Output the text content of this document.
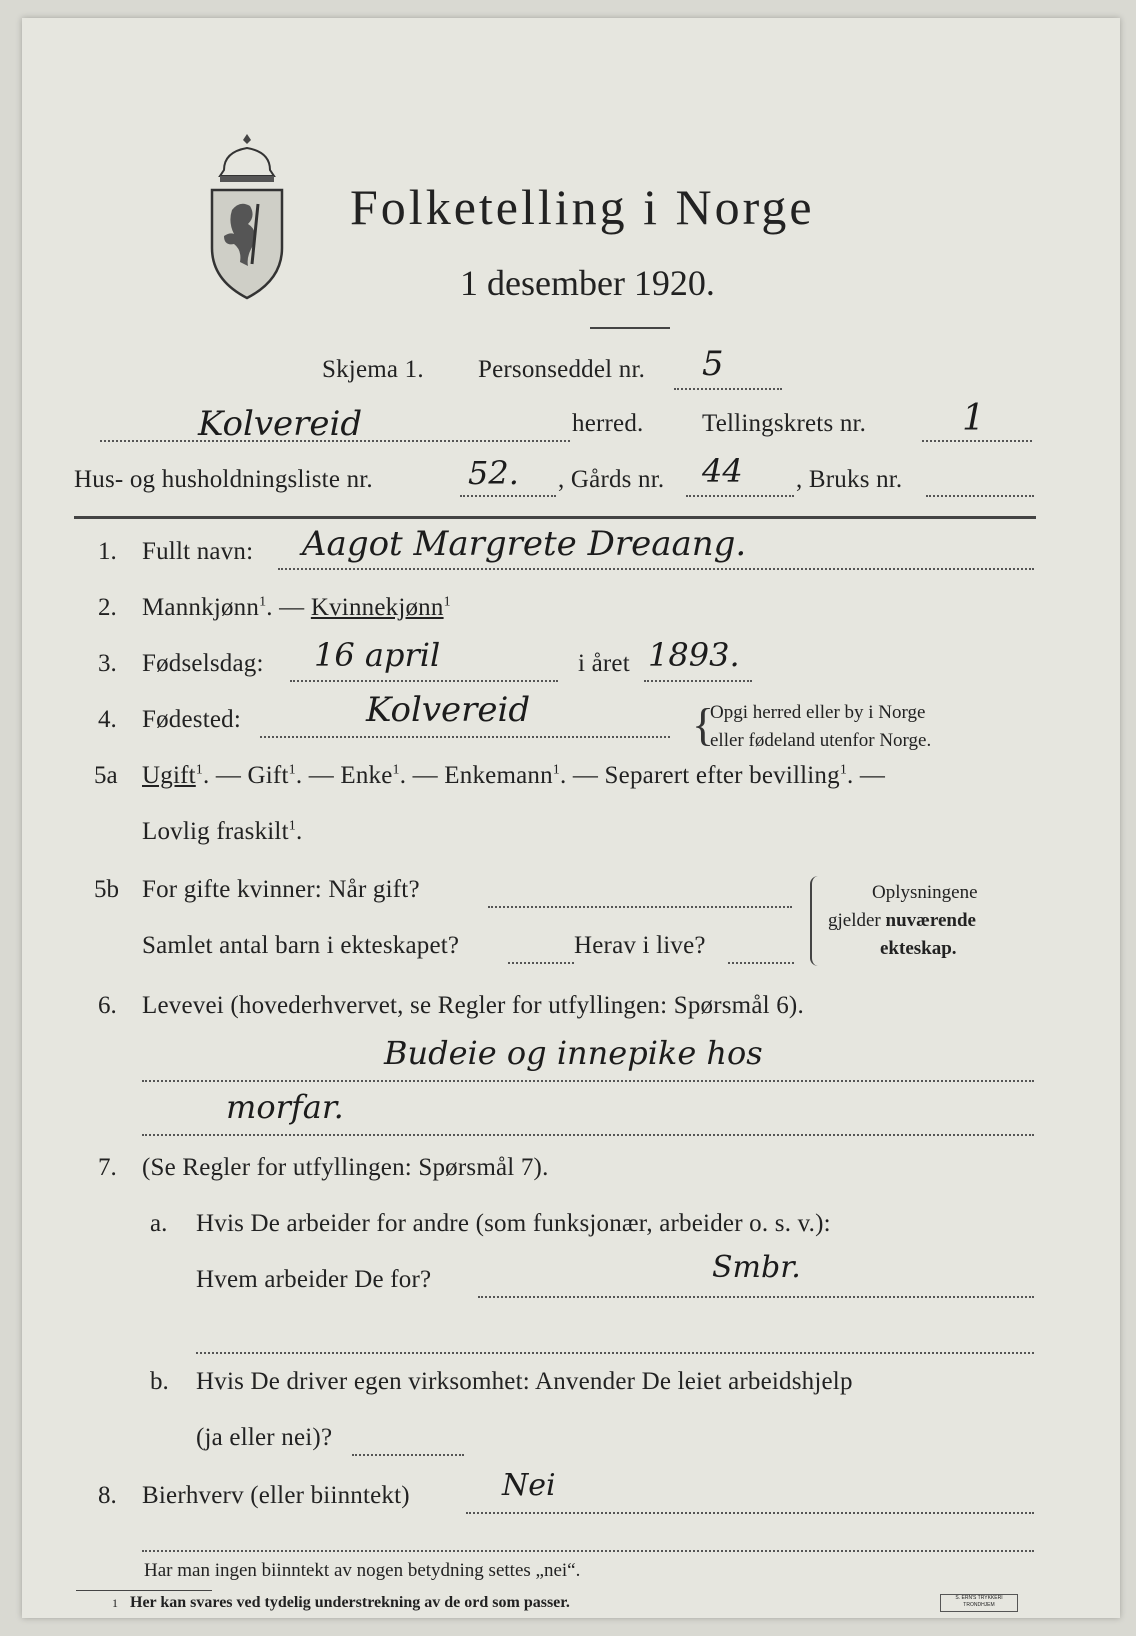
Folketelling i Norge
1 desember 1920.
Skjema 1. Personseddel nr. 5
Kolvereid	herred. Tellingskrets nr.	1
Hus- og husholdningsliste nr.	52. , Gårds nr. 44 , Bruks nr.
1. Fullt navn: Aagot Margrete Dreaang.
2. Mannkjønn$^1$. — Kvinnekjønn$^1$
3. Fødselsdag: 16 april	i året 1893.
4. Fødested:	Kolvereid	{
Opgi herred eller by i Norge
eller fødeland utenfor Norge.
5a Ugift$^1$. — Gift$^1$. — Enke$^1$. — Enkemann$^1$. — Separert efter bevilling$^1$. —
Lovlig fraskilt$^1$.
5b For gifte kvinner: Når gift?
Samlet antal barn i ekteskapet?	Herav i live?
Oplysningene
gjelder nuværende
ekteskap.
6. Levevei (hovederhvervet, se Regler for utfyllingen: Spørsmål 6).
Budeie og innepike hos
morfar.
7. (Se Regler for utfyllingen: Spørsmål 7).
a. Hvis De arbeider for andre (som funksjonær, arbeider o. s. v.):
Hvem arbeider De for?	Smbr.
b. Hvis De driver egen virksomhet: Anvender De leiet arbeidshjelp
(ja eller nei)?
8. Bierhverv (eller biinntekt)	Nei
Har man ingen biinntekt av nogen betydning settes „nei“.
1 Her kan svares ved tydelig understrekning av de ord som passer.	S. ERN'S TRYKKERI
TRONDHJEM
